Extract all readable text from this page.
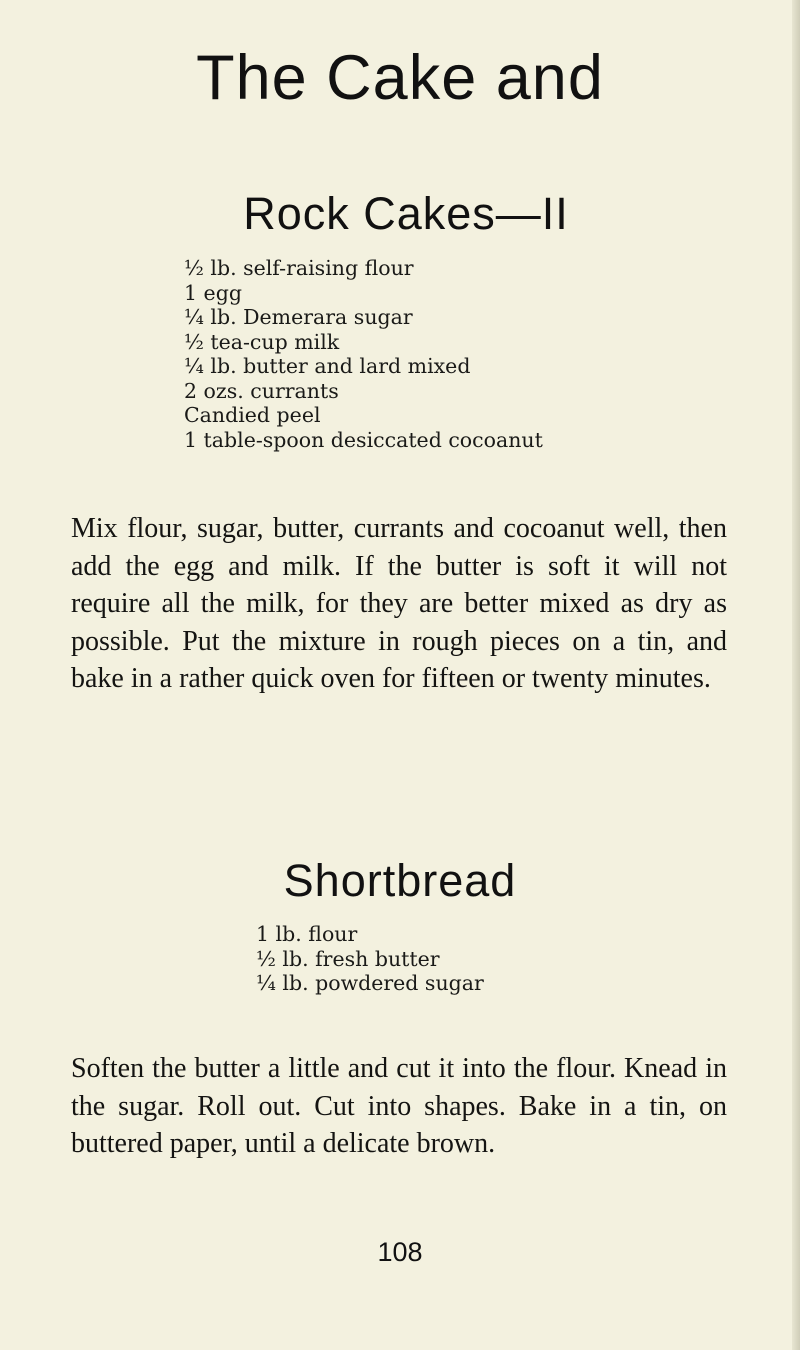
The Cake and
Rock Cakes—II
½ lb. self-raising flour
1 egg
¼ lb. Demerara sugar
½ tea-cup milk
¼ lb. butter and lard mixed
2 ozs. currants
Candied peel
1 table-spoon desiccated cocoanut

Mix flour, sugar, butter, currants and cocoanut well, then add the egg and milk. If the butter is soft it will not require all the milk, for they are better mixed as dry as possible. Put the mixture in rough pieces on a tin, and bake in a rather quick oven for fifteen or twenty minutes.

Shortbread
1 lb. flour
½ lb. fresh butter
¼ lb. powdered sugar

Soften the butter a little and cut it into the flour. Knead in the sugar. Roll out. Cut into shapes. Bake in a tin, on buttered paper, until a delicate brown.

108
